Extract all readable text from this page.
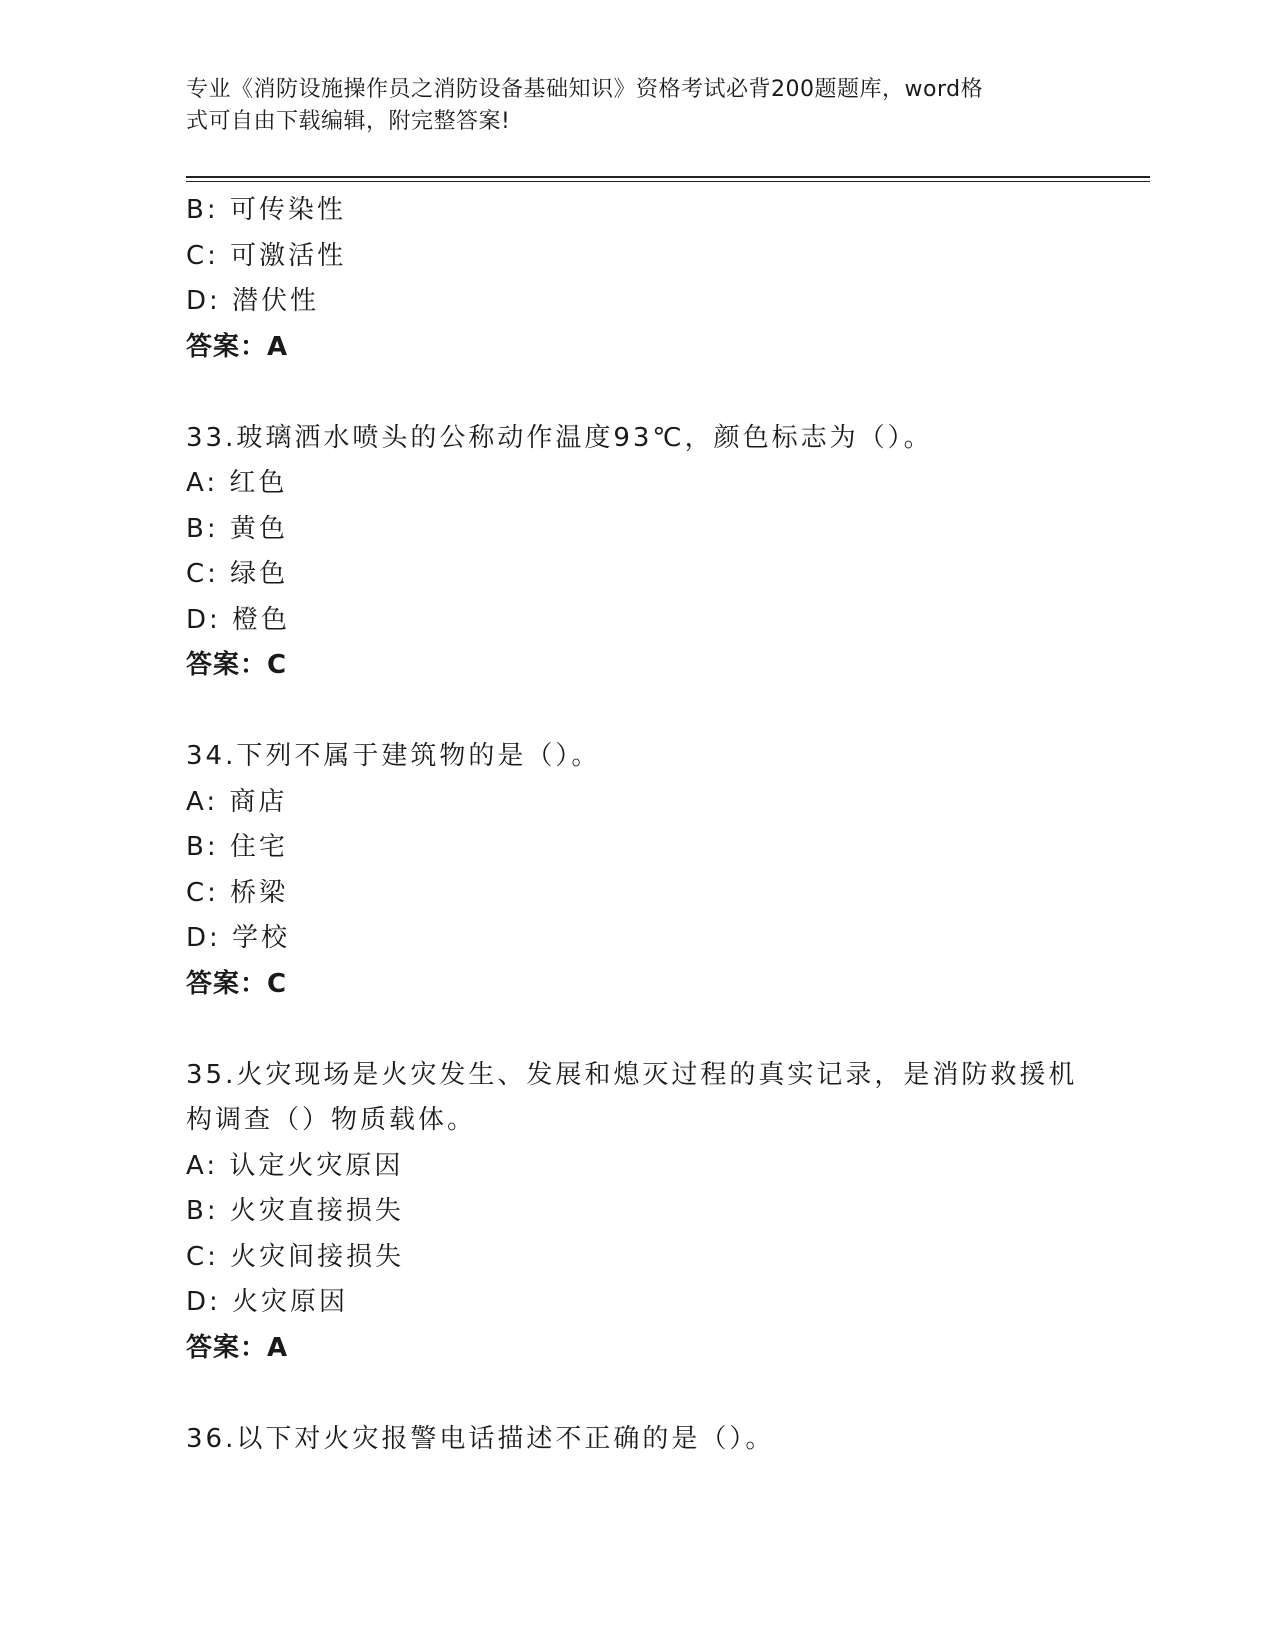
专业《消防设施操作员之消防设备基础知识》资格考试必背200题题库，word格
式可自由下载编辑，附完整答案!
B: 可传染性
C: 可激活性
D: 潜伏性
答案：A
33.玻璃洒水喷头的公称动作温度93℃，颜色标志为（）。
A: 红色
B: 黄色
C: 绿色
D: 橙色
答案：C
34.下列不属于建筑物的是（）。
A: 商店
B: 住宅
C: 桥梁
D: 学校
答案：C
35.火灾现场是火灾发生、发展和熄灭过程的真实记录，是消防救援机
构调查（）物质载体。
A: 认定火灾原因
B: 火灾直接损失
C: 火灾间接损失
D: 火灾原因
答案：A
36.以下对火灾报警电话描述不正确的是（）。
